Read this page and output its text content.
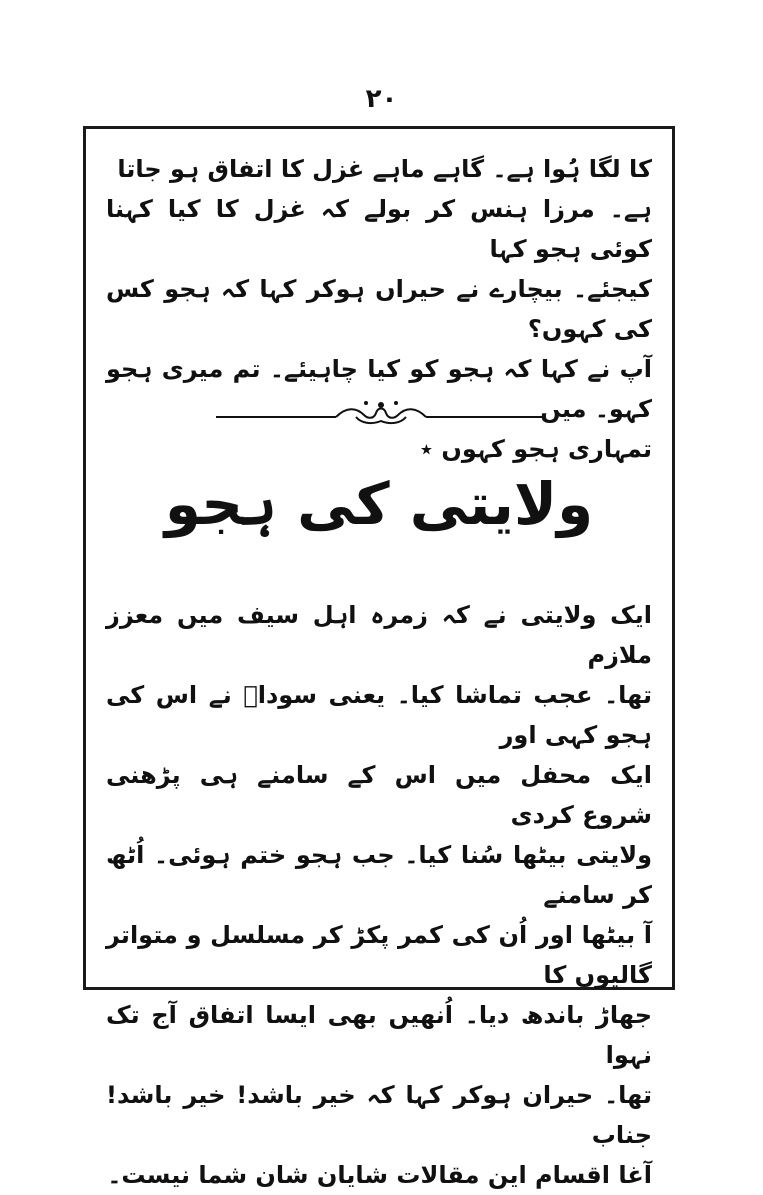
۲۰

کا لگا ہُوا ہے۔ گاہے ماہے غزل کا اتفاق ہو جاتا

ہے۔ مرزا ہنس کر بولے کہ غزل کا کیا کہنا کوئی ہجو کہا

کیجئے۔ بیچارے نے حیراں ہوکر کہا کہ ہجو کس کی کہوں؟

آپ نے کہا کہ ہجو کو کیا چاہیئے۔ تم میری ہجو کہو۔ میں

تمہاری ہجو کہوں ٭

ولایتی کی ہجو

ایک ولایتی نے کہ زمرہ اہل سیف میں معزز ملازم

تھا۔ عجب تماشا کیا۔ یعنی سوداؔ نے اس کی ہجو کہی اور

ایک محفل میں اس کے سامنے ہی پڑھنی شروع کردی

ولایتی بیٹھا سُنا کیا۔ جب ہجو ختم ہوئی۔ اُٹھ کر سامنے

آ بیٹھا اور اُن کی کمر پکڑ کر مسلسل و متواتر گالیوں کا

جھاڑ باندھ دیا۔ اُنھیں بھی ایسا اتفاق آج تک نہوا

تھا۔ حیران ہوکر کہا کہ خیر باشد! خیر باشد! جناب

آغا اقسام این مقالات شایان شان شما نیست۔
